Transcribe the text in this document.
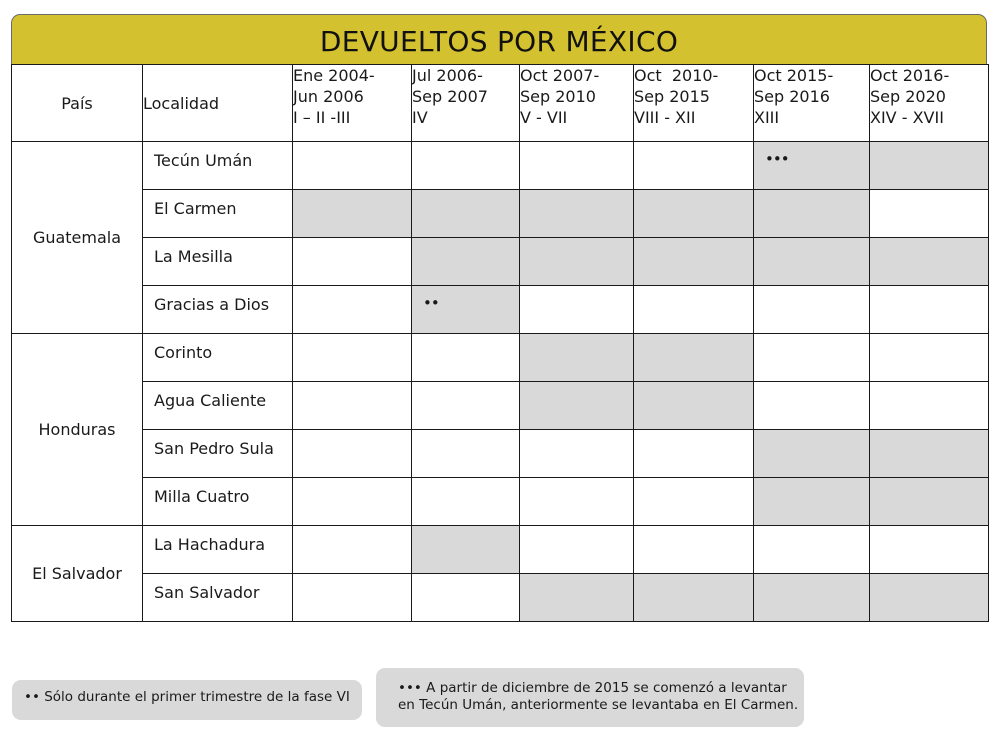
DEVUELTOS POR MÉXICO
País	Localidad	Ene 2004-
Jun 2006
I – II -III	Jul 2006-
Sep 2007
IV	Oct 2007-
Sep 2010
V - VII	Oct  2010-
Sep 2015
VIII - XII	Oct 2015-
Sep 2016
XIII	Oct 2016-
Sep 2020
XIV - XVII

Guatemala	Tecún Umán					•••	
	El Carmen						
	La Mesilla						
	Gracias a Dios		••				
Honduras	Corinto						
	Agua Caliente						
	San Pedro Sula						
	Milla Cuatro						
El Salvador	La Hachadura						
	San Salvador						
•• Sólo durante el primer trimestre de la fase VI
••• A partir de diciembre de 2015 se comenzó a levantar
en Tecún Umán, anteriormente se levantaba en El Carmen.
